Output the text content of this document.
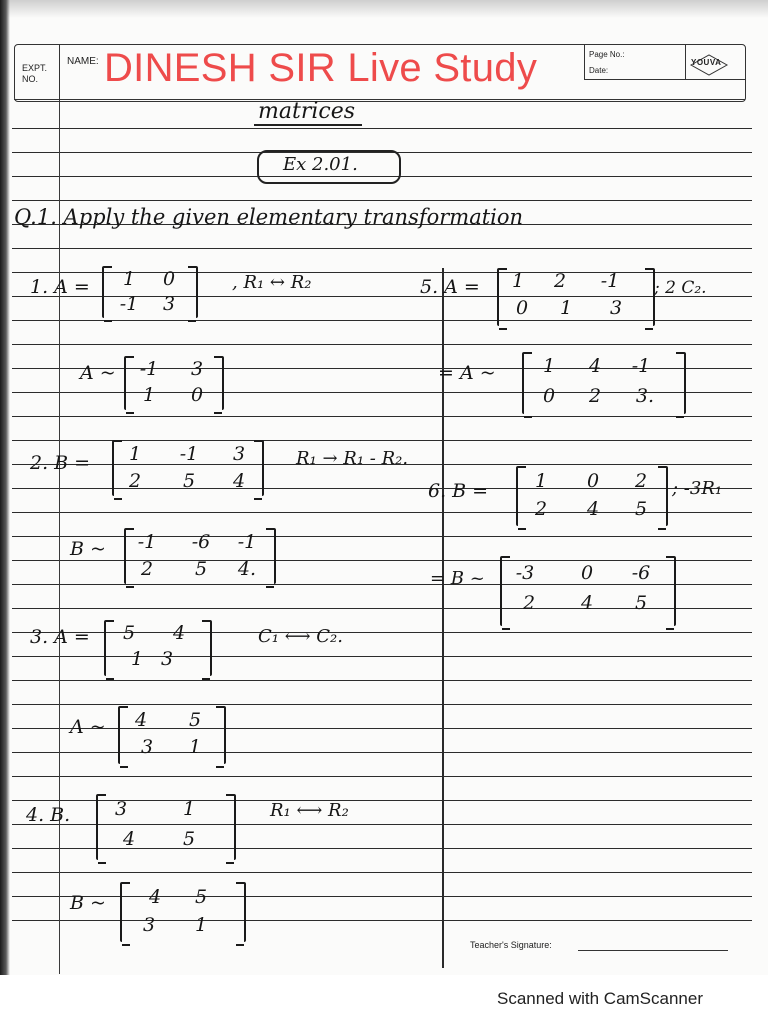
EXPT.
NO.
NAME:
Page No.:
Date:
YOUVA
DINESH SIR Live Study
matrices
Ex 2.01.
Q.1. Apply the given elementary transformation
1. A =	1	0
-1	3
, R₁ ↔ R₂
A ~	-1	3
1	0
2. B =	1	-1	3
2	5	4
R₁ → R₁ - R₂.
B ~	-1	-6	-1
2	5	4.
3. A =	5	4
1 3
C₁ ⟷ C₂.
A ~	4	5
3	1
4. B.	3	1
4	5
R₁ ⟷ R₂
B ~	4	5
3	1
5. A =	1	2	-1
0	1	3
; 2 C₂.
= A ~	1	4	-1
0	2	3.
6. B =	1	0	2
2	4	5
; -3R₁
= B ~	-3	0	-6
2	4	5
Teacher's Signature:
Scanned with CamScanner
